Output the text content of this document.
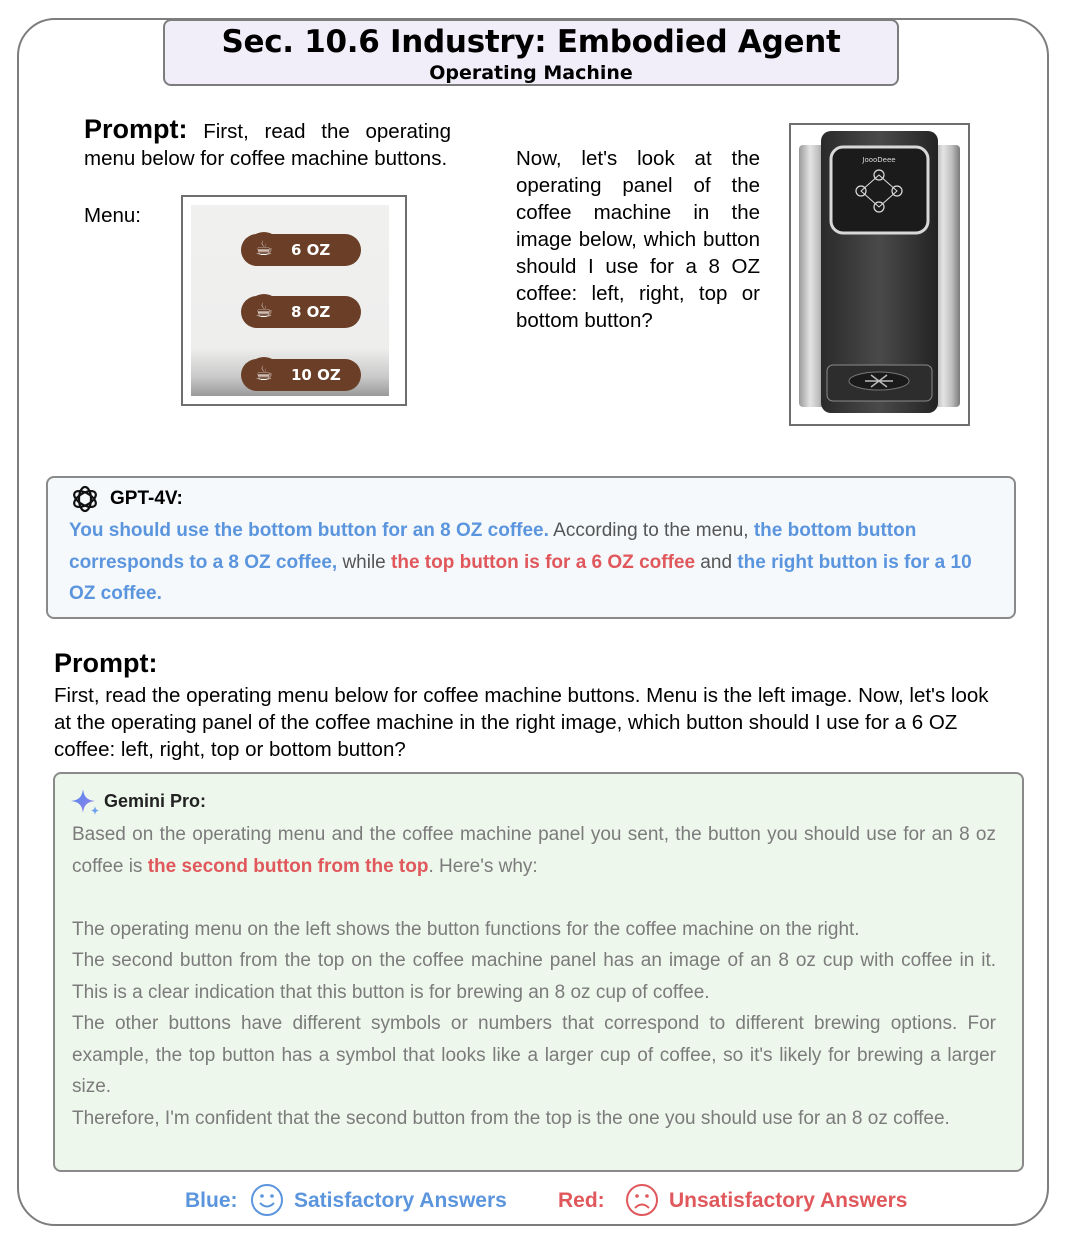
Sec. 10.6 Industry: Embodied Agent
Operating Machine
Prompt: First, read the operating menu below for coffee machine buttons.
Menu:
☕	6 OZ
☕	8 OZ
☕	10 OZ
Now, let's look at the operating panel of the coffee machine in the image below, which button should I use for a 8 OZ coffee: left, right, top or bottom button?
JoooDeee
GPT-4V:
You should use the bottom button for an 8 OZ coffee. According to the menu, the bottom button corresponds to a 8 OZ coffee, while the top button is for a 6 OZ coffee and the right button is for a 10 OZ coffee.
Prompt:
First, read the operating menu below for coffee machine buttons. Menu is the left image. Now, let's look at the operating panel of the coffee machine in the right image, which button should I use for a 6 OZ coffee: left, right, top or bottom button?
Gemini Pro:

Based on the operating menu and the coffee machine panel you sent, the button you should use for an 8 oz coffee is the second button from the top. Here's why:

The operating menu on the left shows the button functions for the coffee machine on the right.

The second button from the top on the coffee machine panel has an image of an 8 oz cup with coffee in it. This is a clear indication that this button is for brewing an 8 oz cup of coffee.

The other buttons have different symbols or numbers that correspond to different brewing options. For example, the top button has a symbol that looks like a larger cup of coffee, so it's likely for brewing a larger size.

Therefore, I'm confident that the second button from the top is the one you should use for an 8 oz coffee.

Blue:	Satisfactory Answers Red:	Unsatisfactory Answers
